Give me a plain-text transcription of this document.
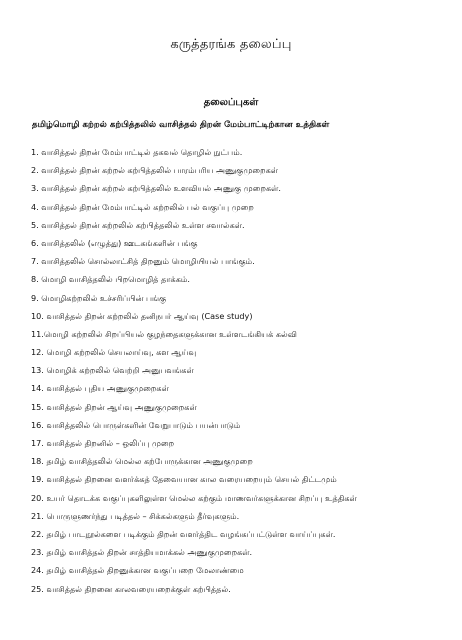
கருத்தரங்க தலைப்பு
தலைப்புகள்
தமிழ்மொழி கற்றல் கற்பித்தலில் வாசித்தல் திறன் மேம்பாட்டிற்கான உத்திகள்
1. வாசித்தல் திறன் மேம்பாட்டில் தகவல் தொழில் நுட்பம்.
2. வாசித்தல் திறன் கற்றல் கற்பித்தலில் பாரம்பரிய அணுகுமுறைகள்
3. வாசித்தல் திறன் கற்றல் கற்பித்தலில் உளவியல் அணுகு முறைகள்.
4. வாசித்தல் திறன் மேம்பாட்டில் கற்றலில் பல் வகுப்பு முறை
5. வாசித்தல் திறன் கற்றலில் கற்பித்தலில் உள்ள சவால்கள்.
6. வாசித்தலில் (எழுத்து) ஊடகங்களின் பங்கு
7. வாசித்தலில் சொல்லாட்சித் திறனும் மொழியியல் பாங்கும்.
8. மொழி வாசித்தலில் பிறமொழித் தாக்கம்.
9. மொழிகற்றலில் உச்சரிப்பின் பங்கு
10. வாசித்தல் திறன் கற்றலில் தனிநபர் ஆய்வு (Case study)
11.மொழி கற்றலில் சிறப்பியல் குழந்தைகளுக்கான உள்ளடங்கியக் கல்வி
12. மொழி கற்றலில் செயலாய்வு, கள ஆய்வு
13. மொழிக் கற்றலில் வெற்றி அனுபவங்கள்
14. வாசித்தல் புதிய அணுகுமுறைகள்
15. வாசித்தல் திறன் ஆய்வு அணுகுமுறைகள்
16. வாசித்தலில் பொருள்களின் வேறுபாடும் பயன்பாடும்
17. வாசித்தல் திறனில் – ஒலிப்பு முறை
18. தமிழ் வாசித்தலில் மெல்ல கற்போருக்கான அணுகுமுறை
19. வாசித்தல் திறனை வளர்க்கத் தேவையான கால வரையறையும் செயல் திட்டமும்
20. உயர் தொடக்க வகுப்புகளிலுள்ள மெல்ல கற்கும் மாணவர்களுக்கான சிறப்பு உத்திகள்
21. பொருளுணர்ந்து படித்தல் – சிக்கல்களும் தீர்வுகளும்.
22. தமிழ் பாடநூல்களை படிக்கும் திறன் வளர்த்திட வழங்கப்பட்டுள்ள வாய்ப்புகள்.
23. தமிழ் வாசித்தல் திறன் சாத்தியமாக்கல் அணுகுமுறைகள்.
24. தமிழ் வாசித்தல் திறனுக்கான வகுப்பறை மேலாண்மை
25. வாசித்தல் திறனை காலவரையறைக்குள் கற்பித்தல்.
